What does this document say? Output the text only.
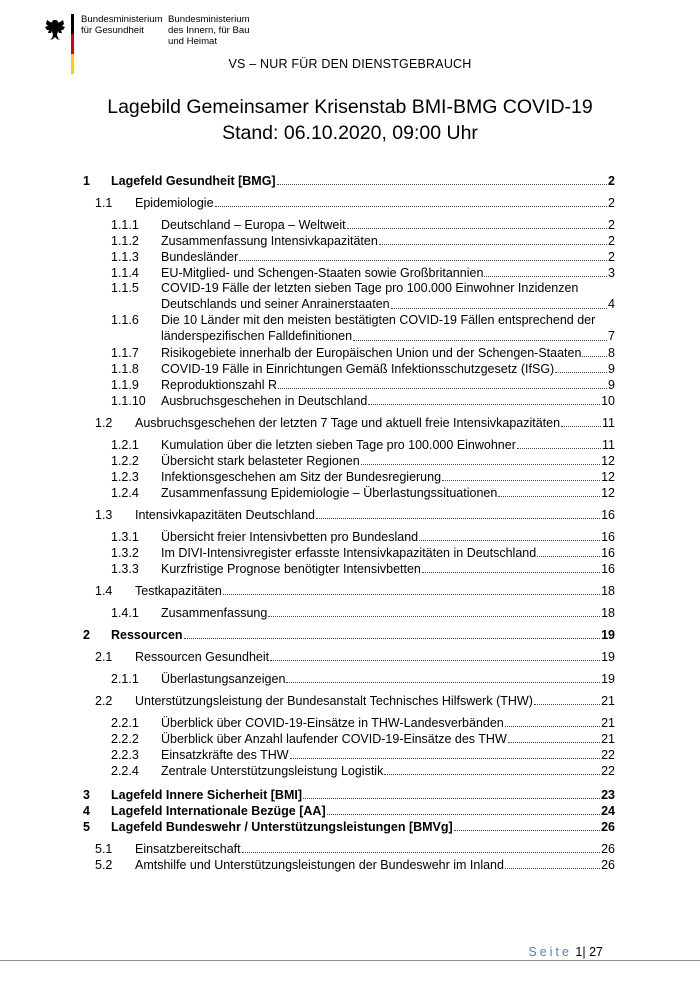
Bundesministerium
für Gesundheit
Bundesministerium
des Innern, für Bau
und Heimat
VS – NUR FÜR DEN DIENSTGEBRAUCH
Lagebild Gemeinsamer Krisenstab BMI-BMG COVID-19
Stand: 06.10.2020, 09:00 Uhr
1	Lagefeld Gesundheit [BMG]	2
1.1	Epidemiologie	2
1.1.1	Deutschland – Europa – Weltweit	2
1.1.2	Zusammenfassung Intensivkapazitäten	2
1.1.3	Bundesländer	2
1.1.4	EU-Mitglied- und Schengen-Staaten sowie Großbritannien	3
1.1.5	COVID-19 Fälle der letzten sieben Tage pro 100.000 Einwohner Inzidenzen
Deutschlands und seiner Anrainerstaaten	4
1.1.6	Die 10 Länder mit den meisten bestätigten COVID-19 Fällen entsprechend der
länderspezifischen Falldefinitionen	7
1.1.7	Risikogebiete innerhalb der Europäischen Union und der Schengen-Staaten 8
1.1.8	COVID-19 Fälle in Einrichtungen Gemäß Infektionsschutzgesetz (IfSG)	9
1.1.9	Reproduktionszahl R	9
1.1.10	Ausbruchsgeschehen in Deutschland	10
1.2	Ausbruchsgeschehen der letzten 7 Tage und aktuell freie Intensivkapazitäten	11
1.2.1	Kumulation über die letzten sieben Tage pro 100.000 Einwohner	11
1.2.2	Übersicht stark belasteter Regionen	12
1.2.3	Infektionsgeschehen am Sitz der Bundesregierung	12
1.2.4	Zusammenfassung Epidemiologie – Überlastungssituationen	12
1.3	Intensivkapazitäten Deutschland	16
1.3.1	Übersicht freier Intensivbetten pro Bundesland	16
1.3.2	Im DIVI-Intensivregister erfasste Intensivkapazitäten in Deutschland	16
1.3.3	Kurzfristige Prognose benötigter Intensivbetten	16
1.4	Testkapazitäten	18
1.4.1	Zusammenfassung	18
2	Ressourcen	19
2.1	Ressourcen Gesundheit	19
2.1.1	Überlastungsanzeigen	19
2.2	Unterstützungsleistung der Bundesanstalt Technisches Hilfswerk (THW)	21
2.2.1	Überblick über COVID-19-Einsätze in THW-Landesverbänden	21
2.2.2	Überblick über Anzahl laufender COVID-19-Einsätze des THW	21
2.2.3	Einsatzkräfte des THW	22
2.2.4	Zentrale Unterstützungsleistung Logistik	22
3	Lagefeld Innere Sicherheit [BMI]	23
4	Lagefeld Internationale Bezüge [AA]	24
5	Lagefeld Bundeswehr / Unterstützungsleistungen [BMVg]	26
5.1	Einsatzbereitschaft	26
5.2	Amtshilfe und Unterstützungsleistungen der Bundeswehr im Inland	26
Seite 1| 27
